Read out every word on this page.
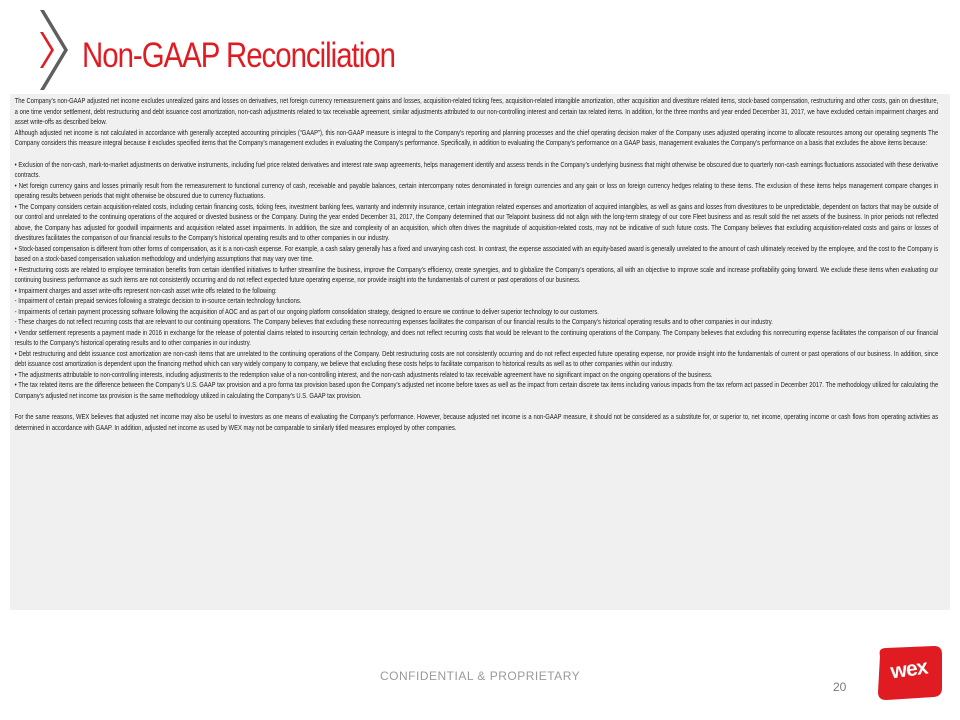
Non-GAAP Reconciliation

The Company’s non-GAAP adjusted net income excludes unrealized gains and losses on derivatives, net foreign currency remeasurement gains and losses, acquisition-related ticking fees, acquisition-related intangible amortization, other acquisition and divestiture related items, stock-based compensation, restructuring and other costs, gain on divestiture, a one time vendor settlement, debt restructuring and debt issuance cost amortization, non-cash adjustments related to tax receivable agreement, similar adjustments attributed to our non-controlling interest and certain tax related items. In addition, for the three months and year ended December 31, 2017, we have excluded certain impairment charges and asset write-offs as described below.

Although adjusted net income is not calculated in accordance with generally accepted accounting principles (“GAAP”), this non-GAAP measure is integral to the Company’s reporting and planning processes and the chief operating decision maker of the Company uses adjusted operating income to allocate resources among our operating segments The Company considers this measure integral because it excludes specified items that the Company’s management excludes in evaluating the Company’s performance. Specifically, in addition to evaluating the Company’s performance on a GAAP basis, management evaluates the Company’s performance on a basis that excludes the above items because:

• Exclusion of the non-cash, mark-to-market adjustments on derivative instruments, including fuel price related derivatives and interest rate swap agreements, helps management identify and assess trends in the Company’s underlying business that might otherwise be obscured due to quarterly non-cash earnings fluctuations associated with these derivative contracts.

• Net foreign currency gains and losses primarily result from the remeasurement to functional currency of cash, receivable and payable balances, certain intercompany notes denominated in foreign currencies and any gain or loss on foreign currency hedges relating to these items. The exclusion of these items helps management compare changes in operating results between periods that might otherwise be obscured due to currency fluctuations.

• The Company considers certain acquisition-related costs, including certain financing costs, ticking fees, investment banking fees, warranty and indemnity insurance, certain integration related expenses and amortization of acquired intangibles, as well as gains and losses from divestitures to be unpredictable, dependent on factors that may be outside of our control and unrelated to the continuing operations of the acquired or divested business or the Company. During the year ended December 31, 2017, the Company determined that our Telapoint business did not align with the long-term strategy of our core Fleet business and as result sold the net assets of the business. In prior periods not reflected above, the Company has adjusted for goodwill impairments and acquisition related asset impairments. In addition, the size and complexity of an acquisition, which often drives the magnitude of acquisition-related costs, may not be indicative of such future costs. The Company believes that excluding acquisition-related costs and gains or losses of divestitures facilitates the comparison of our financial results to the Company’s historical operating results and to other companies in our industry.

• Stock-based compensation is different from other forms of compensation, as it is a non-cash expense. For example, a cash salary generally has a fixed and unvarying cash cost. In contrast, the expense associated with an equity-based award is generally unrelated to the amount of cash ultimately received by the employee, and the cost to the Company is based on a stock-based compensation valuation methodology and underlying assumptions that may vary over time.

• Restructuring costs are related to employee termination benefits from certain identified initiatives to further streamline the business, improve the Company’s efficiency, create synergies, and to globalize the Company’s operations, all with an objective to improve scale and increase profitability going forward. We exclude these items when evaluating our continuing business performance as such items are not consistently occurring and do not reflect expected future operating expense, nor provide insight into the fundamentals of current or past operations of our business.

• Impairment charges and asset write-offs represent non-cash asset write offs related to the following:

- Impairment of certain prepaid services following a strategic decision to in-source certain technology functions.

- Impairments of certain payment processing software following the acquisition of AOC and as part of our ongoing platform consolidation strategy, designed to ensure we continue to deliver superior technology to our customers.

- These charges do not reflect recurring costs that are relevant to our continuing operations. The Company believes that excluding these nonrecurring expenses facilitates the comparison of our financial results to the Company’s historical operating results and to other companies in our industry.

• Vendor settlement represents a payment made in 2016 in exchange for the release of potential claims related to insourcing certain technology, and does not reflect recurring costs that would be relevant to the continuing operations of the Company. The Company believes that excluding this nonrecurring expense facilitates the comparison of our financial results to the Company’s historical operating results and to other companies in our industry.

• Debt restructuring and debt issuance cost amortization are non-cash items that are unrelated to the continuing operations of the Company. Debt restructuring costs are not consistently occurring and do not reflect expected future operating expense, nor provide insight into the fundamentals of current or past operations of our business. In addition, since debt issuance cost amortization is dependent upon the financing method which can vary widely company to company, we believe that excluding these costs helps to facilitate comparison to historical results as well as to other companies within our industry.

• The adjustments attributable to non-controlling interests, including adjustments to the redemption value of a non-controlling interest, and the non-cash adjustments related to tax receivable agreement have no significant impact on the ongoing operations of the business.

• The tax related items are the difference between the Company’s U.S. GAAP tax provision and a pro forma tax provision based upon the Company’s adjusted net income before taxes as well as the impact from certain discrete tax items including various impacts from the tax reform act passed in December 2017. The methodology utilized for calculating the Company’s adjusted net income tax provision is the same methodology utilized in calculating the Company’s U.S. GAAP tax provision.

For the same reasons, WEX believes that adjusted net income may also be useful to investors as one means of evaluating the Company’s performance. However, because adjusted net income is a non-GAAP measure, it should not be considered as a substitute for, or superior to, net income, operating income or cash flows from operating activities as determined in accordance with GAAP. In addition, adjusted net income as used by WEX may not be comparable to similarly titled measures employed by other companies.

CONFIDENTIAL & PROPRIETARY
20
wex
